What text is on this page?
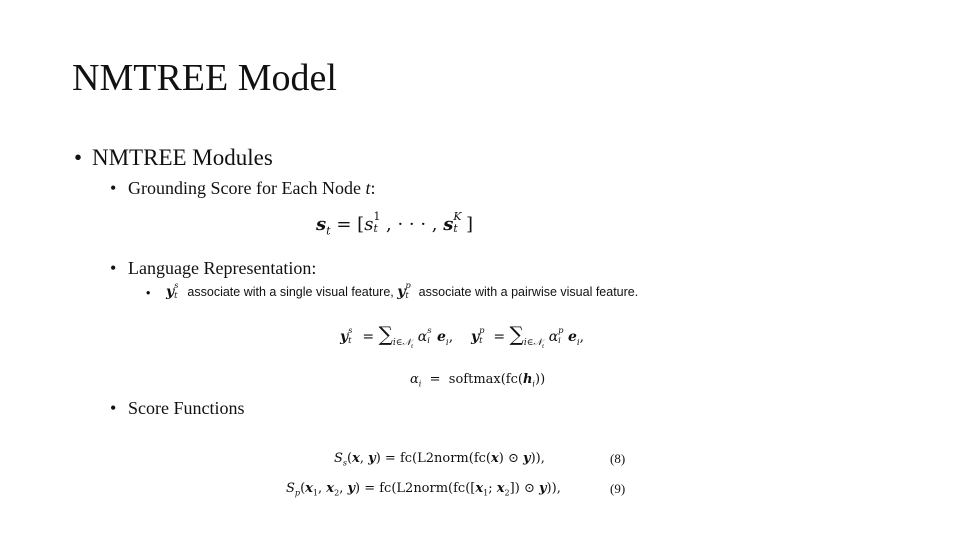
NMTREE Model
• NMTREE Modules
• Grounding Score for Each Node t:
$s_t = [s$ 1
t , · · · , s K
t ]
• Language Representation:
• y s
t associate with a single visual feature, y p
t associate with a pairwise visual feature.
y s
$t = \sum_{i\in 𝒩_t}$ α s
i $e_i$,    y p
$t = \sum_{i\in 𝒩_t}$ α p
i $e_i$,
$\alpha_i$  =  $softmax(fc(h_i))$
• Score Functions
$S_s(x$, y) = fc(L2norm(fc(x) ⊙ y)),	(8)
$S_p(x_1$, $x_2$, $y) = fc(L2norm(fc([x_1$; $x_2$]) ⊙ y)),	(9)
